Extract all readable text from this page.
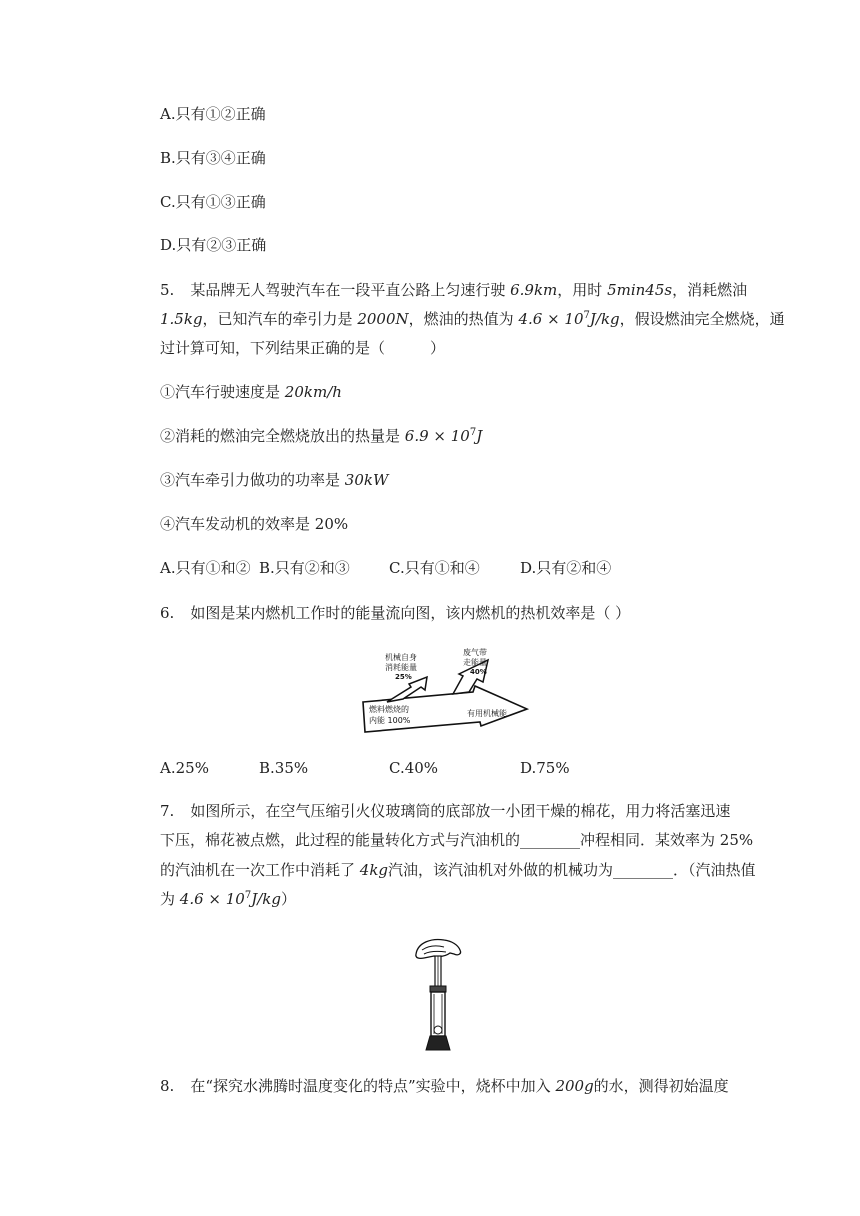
A.只有①②正确
B.只有③④正确
C.只有①③正确
D.只有②③正确
5. 某品牌无人驾驶汽车在一段平直公路上匀速行驶 6.9km，用时 5min45s，消耗燃油
1.5kg，已知汽车的牵引力是 2000N，燃油的热值为 $4.6 \times 10^7J/kg$，假设燃油完全燃烧，通
过计算可知，下列结果正确的是（　　　）
①汽车行驶速度是 20km/h
②消耗的燃油完全燃烧放出的热量是 $6.9 \times 10^7J$
③汽车牵引力做功的功率是 30kW
④汽车发动机的效率是 20%
A.只有①和② B.只有②和③	C.只有①和④	D.只有②和④
6. 如图是某内燃机工作时的能量流向图，该内燃机的热机效率是（ ）
机械自身
消耗能量
25%
废气带
走能量
40%
燃料燃烧的
内能 100%
有用机械能
A.25%	B.35%	C.40%	D.75%
7. 如图所示，在空气压缩引火仪玻璃筒的底部放一小团干燥的棉花，用力将活塞迅速
下压，棉花被点燃，此过程的能量转化方式与汽油机的________冲程相同．某效率为 25%
的汽油机在一次工作中消耗了 4kg汽油，该汽油机对外做的机械功为________．（汽油热值
为 $4.6 \times 10^7J/kg$）
8. 在“探究水沸腾时温度变化的特点”实验中，烧杯中加入 200g的水，测得初始温度
